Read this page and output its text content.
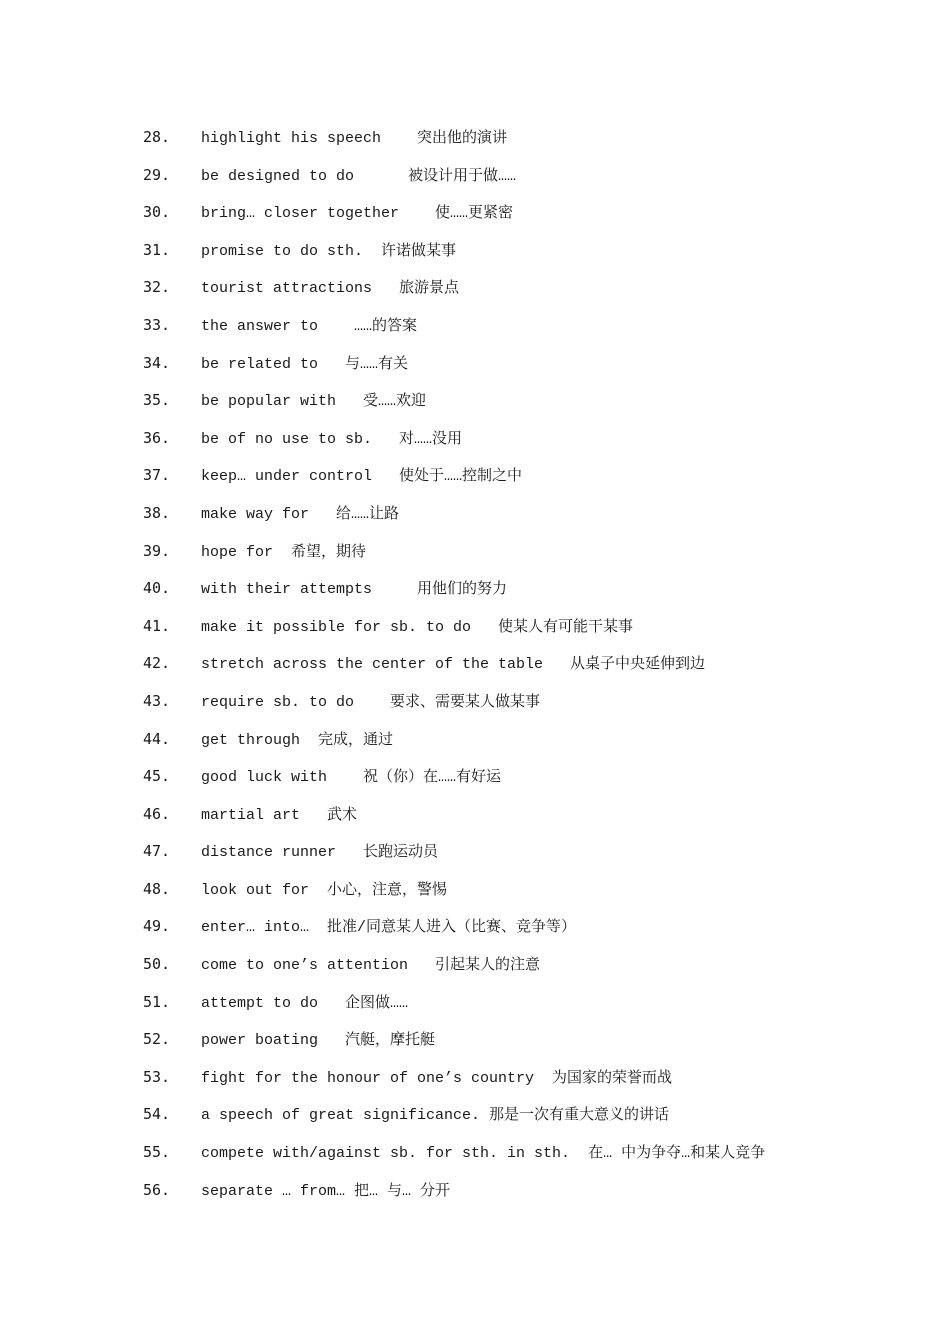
28. highlight his speech    突出他的演讲
29. be designed to do      被设计用于做……
30. bring… closer together    使……更紧密
31. promise to do sth.  许诺做某事
32. tourist attractions   旅游景点
33. the answer to    ……的答案
34. be related to   与……有关
35. be popular with   受……欢迎
36. be of no use to sb.   对……没用
37. keep… under control   使处于……控制之中
38. make way for   给……让路
39. hope for  希望，期待
40. with their attempts     用他们的努力
41. make it possible for sb. to do   使某人有可能干某事
42. stretch across the center of the table   从桌子中央延伸到边
43. require sb. to do    要求、需要某人做某事
44. get through  完成，通过
45. good luck with    祝（你）在……有好运
46. martial art   武术
47. distance runner   长跑运动员
48. look out for  小心，注意，警惕
49. enter… into…  批准/同意某人进入（比赛、竞争等）
50. come to one’s attention   引起某人的注意
51. attempt to do   企图做……
52. power boating   汽艇，摩托艇
53. fight for the honour of one’s country  为国家的荣誉而战
54. a speech of great significance. 那是一次有重大意义的讲话
55. compete with/against sb. for sth. in sth.  在… 中为争夺…和某人竞争
56. separate … from… 把… 与… 分开
